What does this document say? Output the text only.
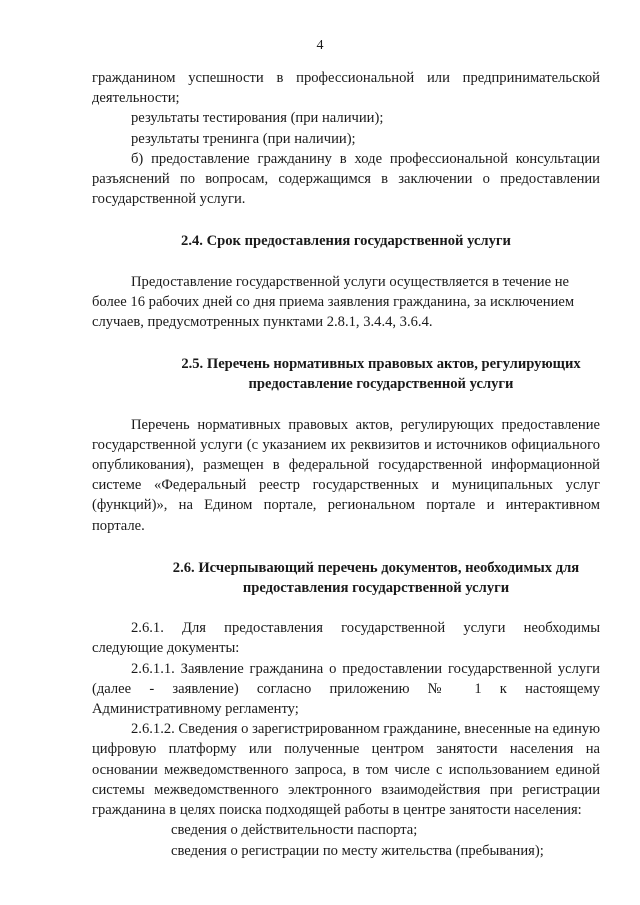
4

гражданином успешности в профессиональной или предпринимательской деятельности;

результаты тестирования (при наличии);

результаты тренинга (при наличии);

б) предоставление гражданину в ходе профессиональной консультации разъяснений по вопросам, содержащимся в заключении о предоставлении государственной услуги.

2.4. Срок предоставления государственной услуги

Предоставление государственной услуги осуществляется в течение не более 16 рабочих дней со дня приема заявления гражданина, за исключением случаев, предусмотренных пунктами 2.8.1, 3.4.4, 3.6.4.

2.5. Перечень нормативных правовых актов, регулирующих
предоставление государственной услуги

Перечень нормативных правовых актов, регулирующих предоставление государственной услуги (с указанием их реквизитов и источников официального опубликования), размещен в федеральной государственной информационной системе «Федеральный реестр государственных и муниципальных услуг (функций)», на Едином портале, региональном портале и интерактивном портале.

2.6. Исчерпывающий перечень документов, необходимых для
предоставления государственной услуги

2.6.1. Для предоставления государственной услуги необходимы следующие документы:

2.6.1.1. Заявление гражданина о предоставлении государственной услуги (далее - заявление) согласно приложению № 1 к настоящему Административному регламенту;

2.6.1.2. Сведения о зарегистрированном гражданине, внесенные на единую цифровую платформу или полученные центром занятости населения на основании межведомственного запроса, в том числе с использованием единой системы межведомственного электронного взаимодействия при регистрации гражданина в целях поиска подходящей работы в центре занятости населения:

сведения о действительности паспорта;

сведения о регистрации по месту жительства (пребывания);
